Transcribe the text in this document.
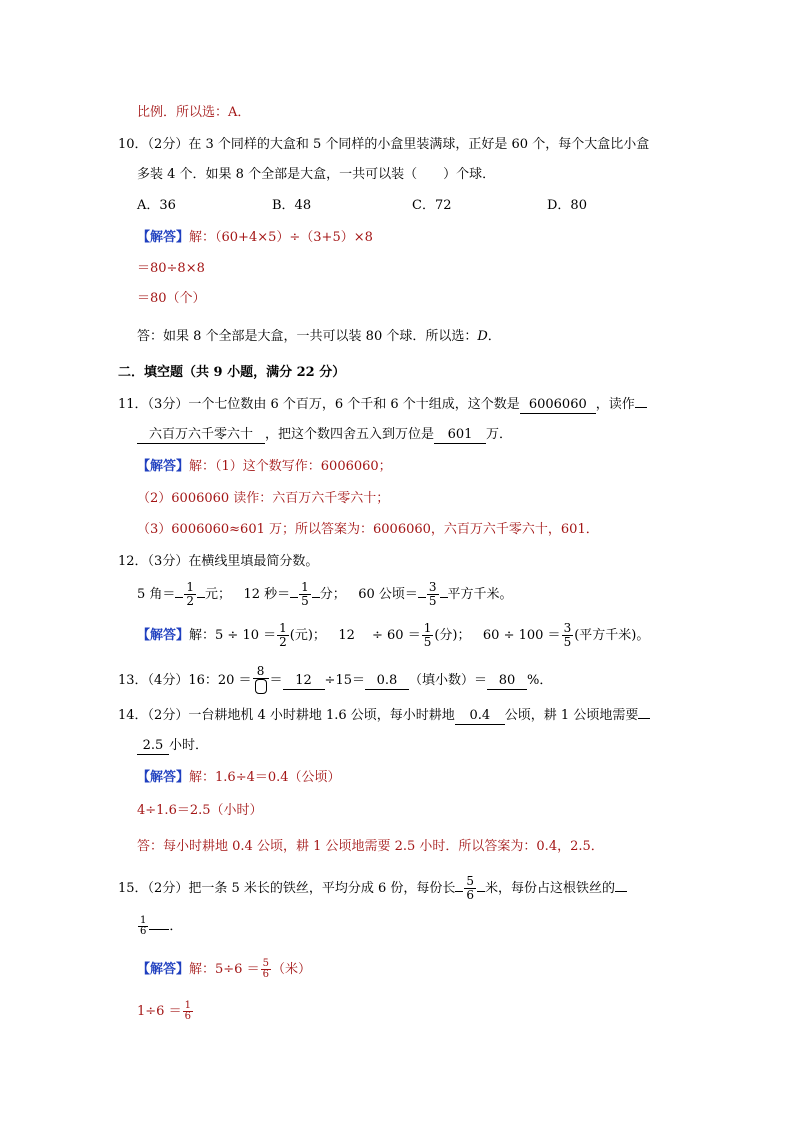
比例．所以选：A．
10．（2分）在 3 个同样的大盒和 5 个同样的小盒里装满球，正好是 60 个，每个大盒比小盒
多装 4 个．如果 8 个全部是大盒，一共可以装（　　）个球．
A．36	B．48	C．72	D．80
【解答】解：（60+4×5）÷（3+5）×8
＝80÷8×8
＝80（个）
答：如果 8 个全部是大盒，一共可以装 80 个球．所以选：D．
二．填空题（共 9 小题，满分 22 分）
11．（3分）一个七位数由 6 个百万，6 个千和 6 个十组成，这个数是 6006060 ，读作
六百万六千零六十 ，把这个数四舍五入到万位是 601 万．
【解答】解：（1）这个数写作：6006060；
（2）6006060 读作：六百万六千零六十；
（3）6006060≈601 万；所以答案为：6006060，六百万六千零六十，601．
12．（3分）在横线里填最简分数。
5 角＝ $\frac{1}{2}$ 元； 12 秒＝ $\frac{1}{5}$ 分； 60 公顷＝ $\frac{3}{5}$ 平方千米。
【解答】解：$5 \div 10 = \frac{1}{2}$ (元)； 12　 ÷ $60 = \frac{1}{5}$ (分)； $60 \div 100 = \frac{3}{5}$ (平方千米)。
13．（4分）16：20 ＝
8
＝ 12 ÷15＝ 0.8 （填小数）＝ 80 %．
14．（2分）一台耕地机 4 小时耕地 1.6 公顷，每小时耕地 0.4 公顷，耕 1 公顷地需要
2.5 小时．
【解答】解：1.6÷4＝0.4（公顷）
4÷1.6＝2.5（小时）
答：每小时耕地 0.4 公顷，耕 1 公顷地需要 2.5 小时．所以答案为：0.4，2.5．
15．（2分）把一条 5 米长的铁丝，平均分成 6 份，每份长 $\frac{5}{6}$ 米，每份占这根铁丝的
$\frac{1}{6}$ ．
【解答】解：$5\div 6 = \frac{5}{6}$ （米）
$1\div 6 = \frac{1}{6}$
